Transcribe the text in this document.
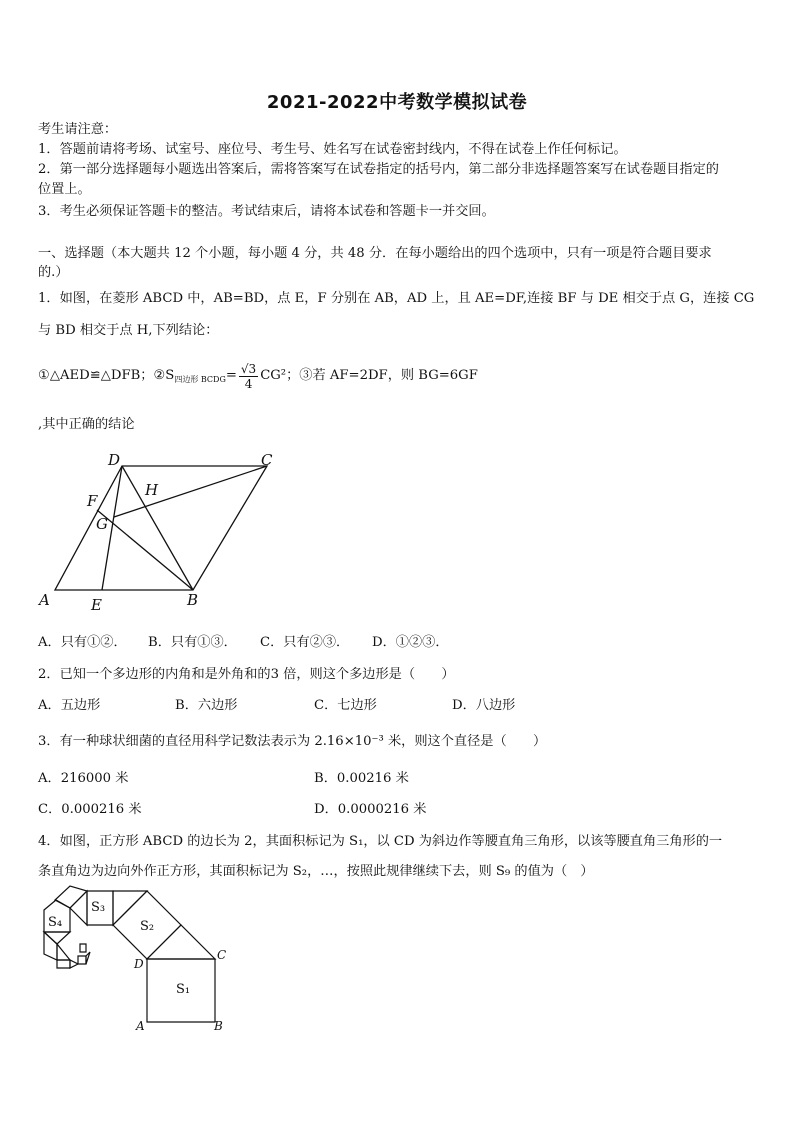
2021-2022中考数学模拟试卷
考生请注意：
1．答题前请将考场、试室号、座位号、考生号、姓名写在试卷密封线内，不得在试卷上作任何标记。
2．第一部分选择题每小题选出答案后，需将答案写在试卷指定的括号内，第二部分非选择题答案写在试卷题目指定的
位置上。
3．考生必须保证答题卡的整洁。考试结束后，请将本试卷和答题卡一并交回。
一、选择题（本大题共 12 个小题，每小题 4 分，共 48 分．在每小题给出的四个选项中，只有一项是符合题目要求
的.）
1．如图，在菱形 ABCD 中，AB=BD，点 E，F 分别在 AB，AD 上，且 AE=DF,连接 BF 与 DE 相交于点 G，连接 CG
与 BD 相交于点 H,下列结论：
①△AED≌△DFB；②S 四边形 BCDG = $\frac{√3}{4} CG^2$；③若 AF=2DF，则 BG=6GF
,其中正确的结论
D	C
H
F
G
A	E	B
A．只有①②． B．只有①③． C．只有②③． D．①②③．
2．已知一个多边形的内角和是外角和的3 倍，则这个多边形是（　　）
A．五边形	B．六边形	C．七边形	D．八边形
3．有一种球状细菌的直径用科学记数法表示为 2.16×10⁻³ 米，则这个直径是（　　）
A．216000 米	B．0.00216 米
C．0.000216 米	D．0.0000216 米
4．如图，正方形 ABCD 的边长为 2，其面积标记为 S₁，以 CD 为斜边作等腰直角三角形，以该等腰直角三角形的一
条直角边为边向外作正方形，其面积标记为 S₂，…，按照此规律继续下去，则 S₉ 的值为（　）
S₁
S₂
S₃
S₄
D
C
A	B
